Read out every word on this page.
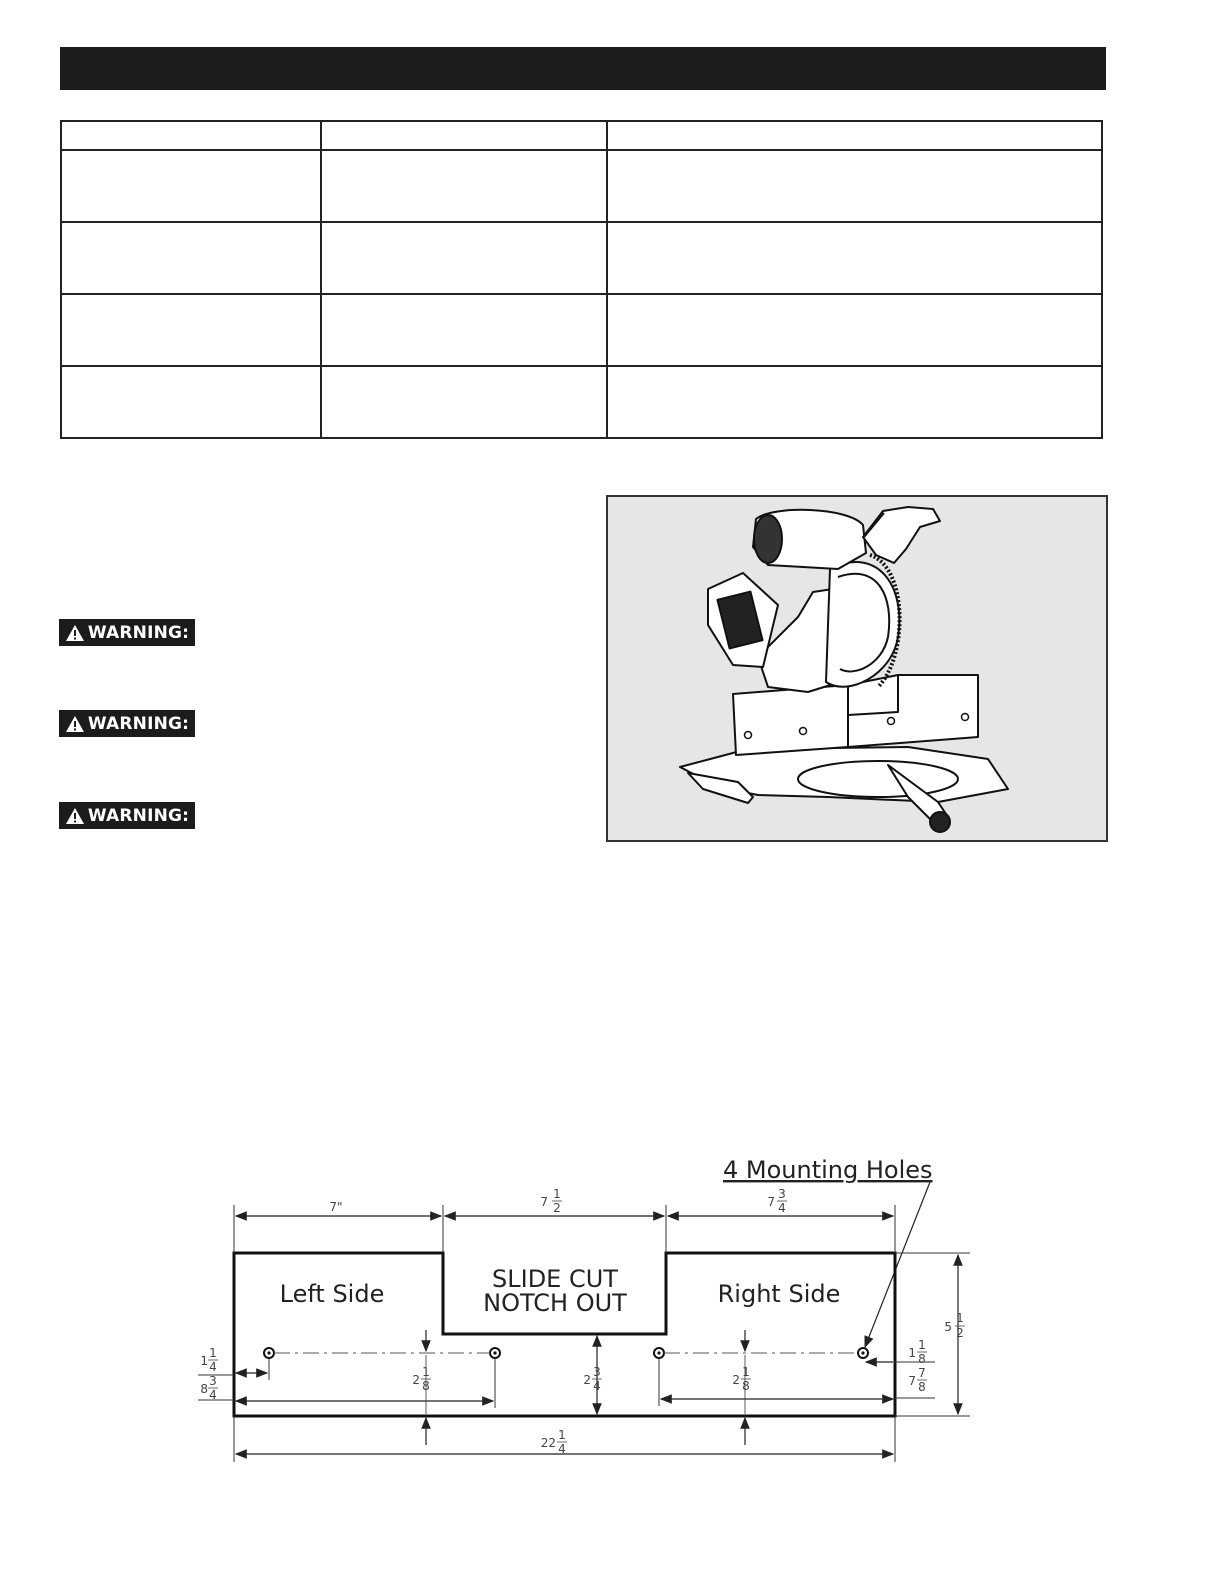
WARNING:
WARNING:
WARNING:
4 Mounting Holes
Left Side
SLIDE CUT
NOTCH OUT	Right Side
7"	7
1
2	7
3
4
5
1
2
1
1
4
8
3
4
1
1
8
7
7
8
2
1
8	2
3
4	2
1
8
22
1
4
